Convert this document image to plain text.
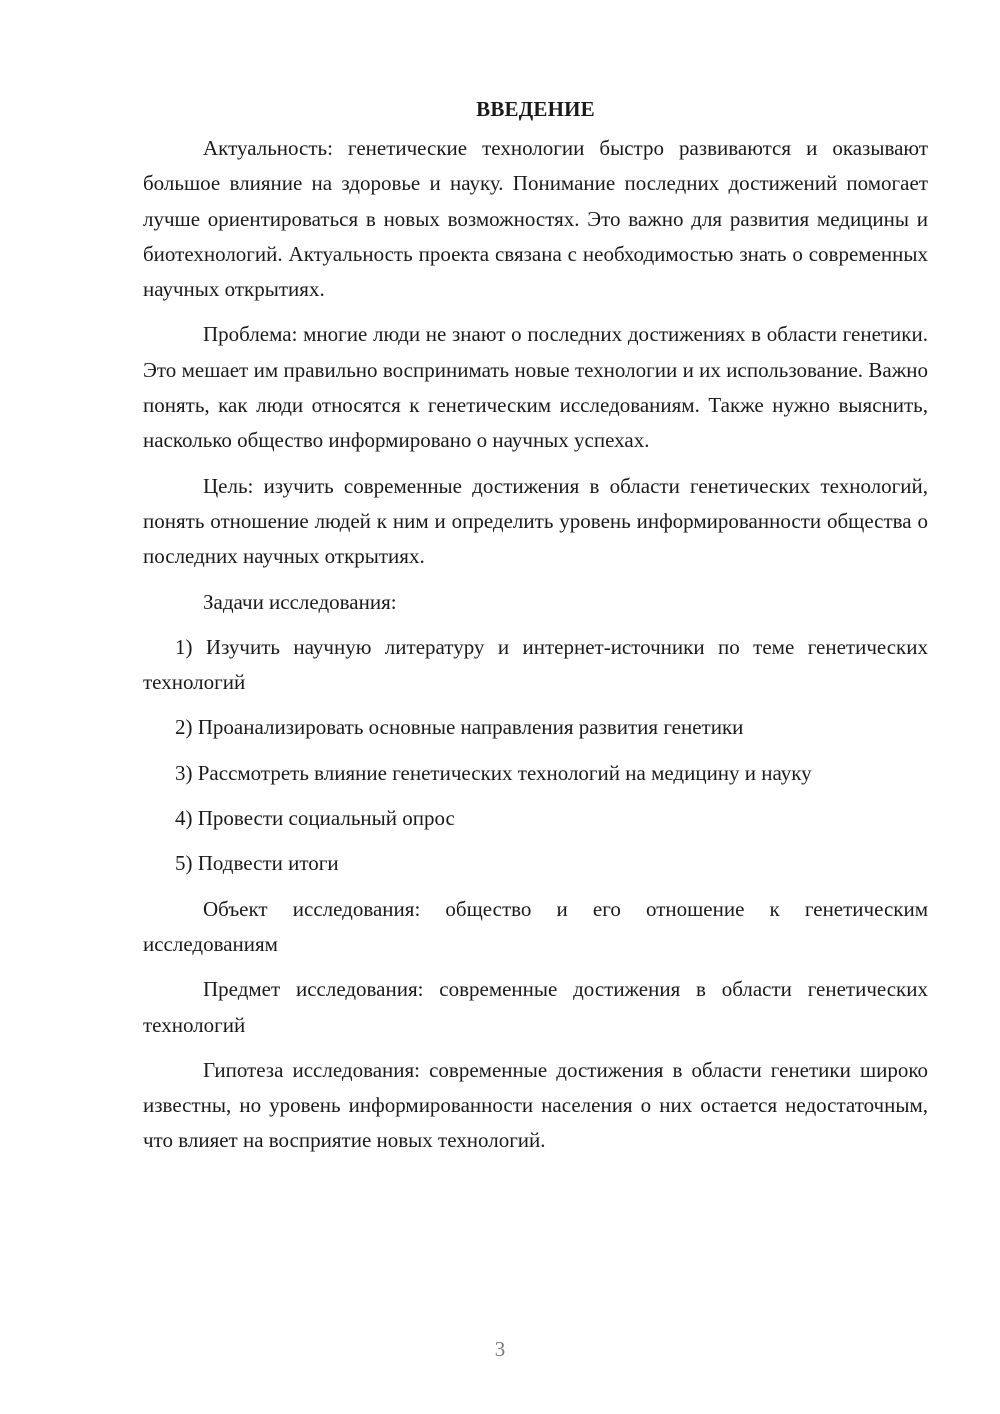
ВВЕДЕНИЕ

Актуальность: генетические технологии быстро развиваются и оказывают большое влияние на здоровье и науку. Понимание последних достижений помогает лучше ориентироваться в новых возможностях. Это важно для развития медицины и биотехнологий. Актуальность проекта связана с необходимостью знать о современных научных открытиях.

Проблема: многие люди не знают о последних достижениях в области генетики. Это мешает им правильно воспринимать новые технологии и их использование. Важно понять, как люди относятся к генетическим исследованиям. Также нужно выяснить, насколько общество информировано о научных успехах.

Цель: изучить современные достижения в области генетических технологий, понять отношение людей к ним и определить уровень информированности общества о последних научных открытиях.

Задачи исследования:

1) Изучить научную литературу и интернет-источники по теме генетических технологий
2) Проанализировать основные направления развития генетики
3) Рассмотреть влияние генетических технологий на медицину и науку
4) Провести социальный опрос
5) Подвести итоги

Объект исследования: общество и его отношение к генетическим исследованиям

Предмет исследования: современные достижения в области генетических технологий

Гипотеза исследования: современные достижения в области генетики широко известны, но уровень информированности населения о них остается недостаточным, что влияет на восприятие новых технологий.

3
